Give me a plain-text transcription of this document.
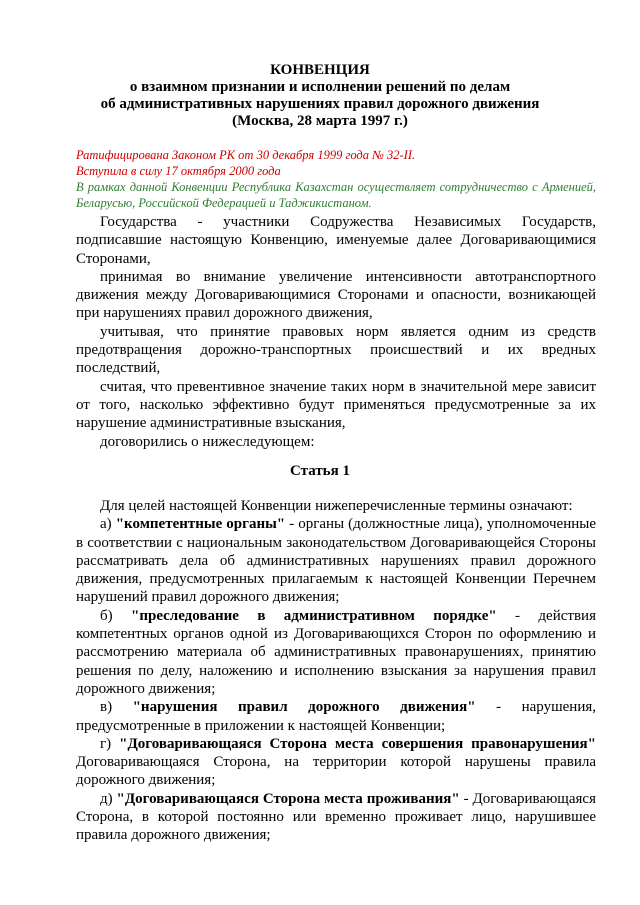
КОНВЕНЦИЯ
о взаимном признании и исполнении решений по делам
об административных нарушениях правил дорожного движения
(Москва, 28 марта 1997 г.)
Ратифицирована Законом РК от 30 декабря 1999 года № 32-II.
Вступила в силу 17 октября 2000 года
В рамках данной Конвенции Республика Казахстан осуществляет сотрудничество с Арменией, Беларусью, Российской Федерацией и Таджикистаном.

Государства - участники Содружества Независимых Государств, подписавшие настоящую Конвенцию, именуемые далее Договаривающимися Сторонами,

принимая во внимание увеличение интенсивности автотранспортного движения между Договаривающимися Сторонами и опасности, возникающей при нарушениях правил дорожного движения,

учитывая, что принятие правовых норм является одним из средств предотвращения дорожно-транспортных происшествий и их вредных последствий,

считая, что превентивное значение таких норм в значительной мере зависит от того, насколько эффективно будут применяться предусмотренные за их нарушение административные взыскания,

договорились о нижеследующем:

Статья 1

Для целей настоящей Конвенции нижеперечисленные термины означают:

а) "компетентные органы" - органы (должностные лица), уполномоченные в соответствии с национальным законодательством Договаривающейся Стороны рассматривать дела об административных нарушениях правил дорожного движения, предусмотренных прилагаемым к настоящей Конвенции Перечнем нарушений правил дорожного движения;

б) "преследование в административном порядке" - действия компетентных органов одной из Договаривающихся Сторон по оформлению и рассмотрению материала об административных правонарушениях, принятию решения по делу, наложению и исполнению взыскания за нарушения правил дорожного движения;

в) "нарушения правил дорожного движения" - нарушения, предусмотренные в приложении к настоящей Конвенции;

г) "Договаривающаяся Сторона места совершения правонарушения" Договаривающаяся Сторона, на территории которой нарушены правила дорожного движения;

д) "Договаривающаяся Сторона места проживания" - Договаривающаяся Сторона, в которой постоянно или временно проживает лицо, нарушившее правила дорожного движения;
